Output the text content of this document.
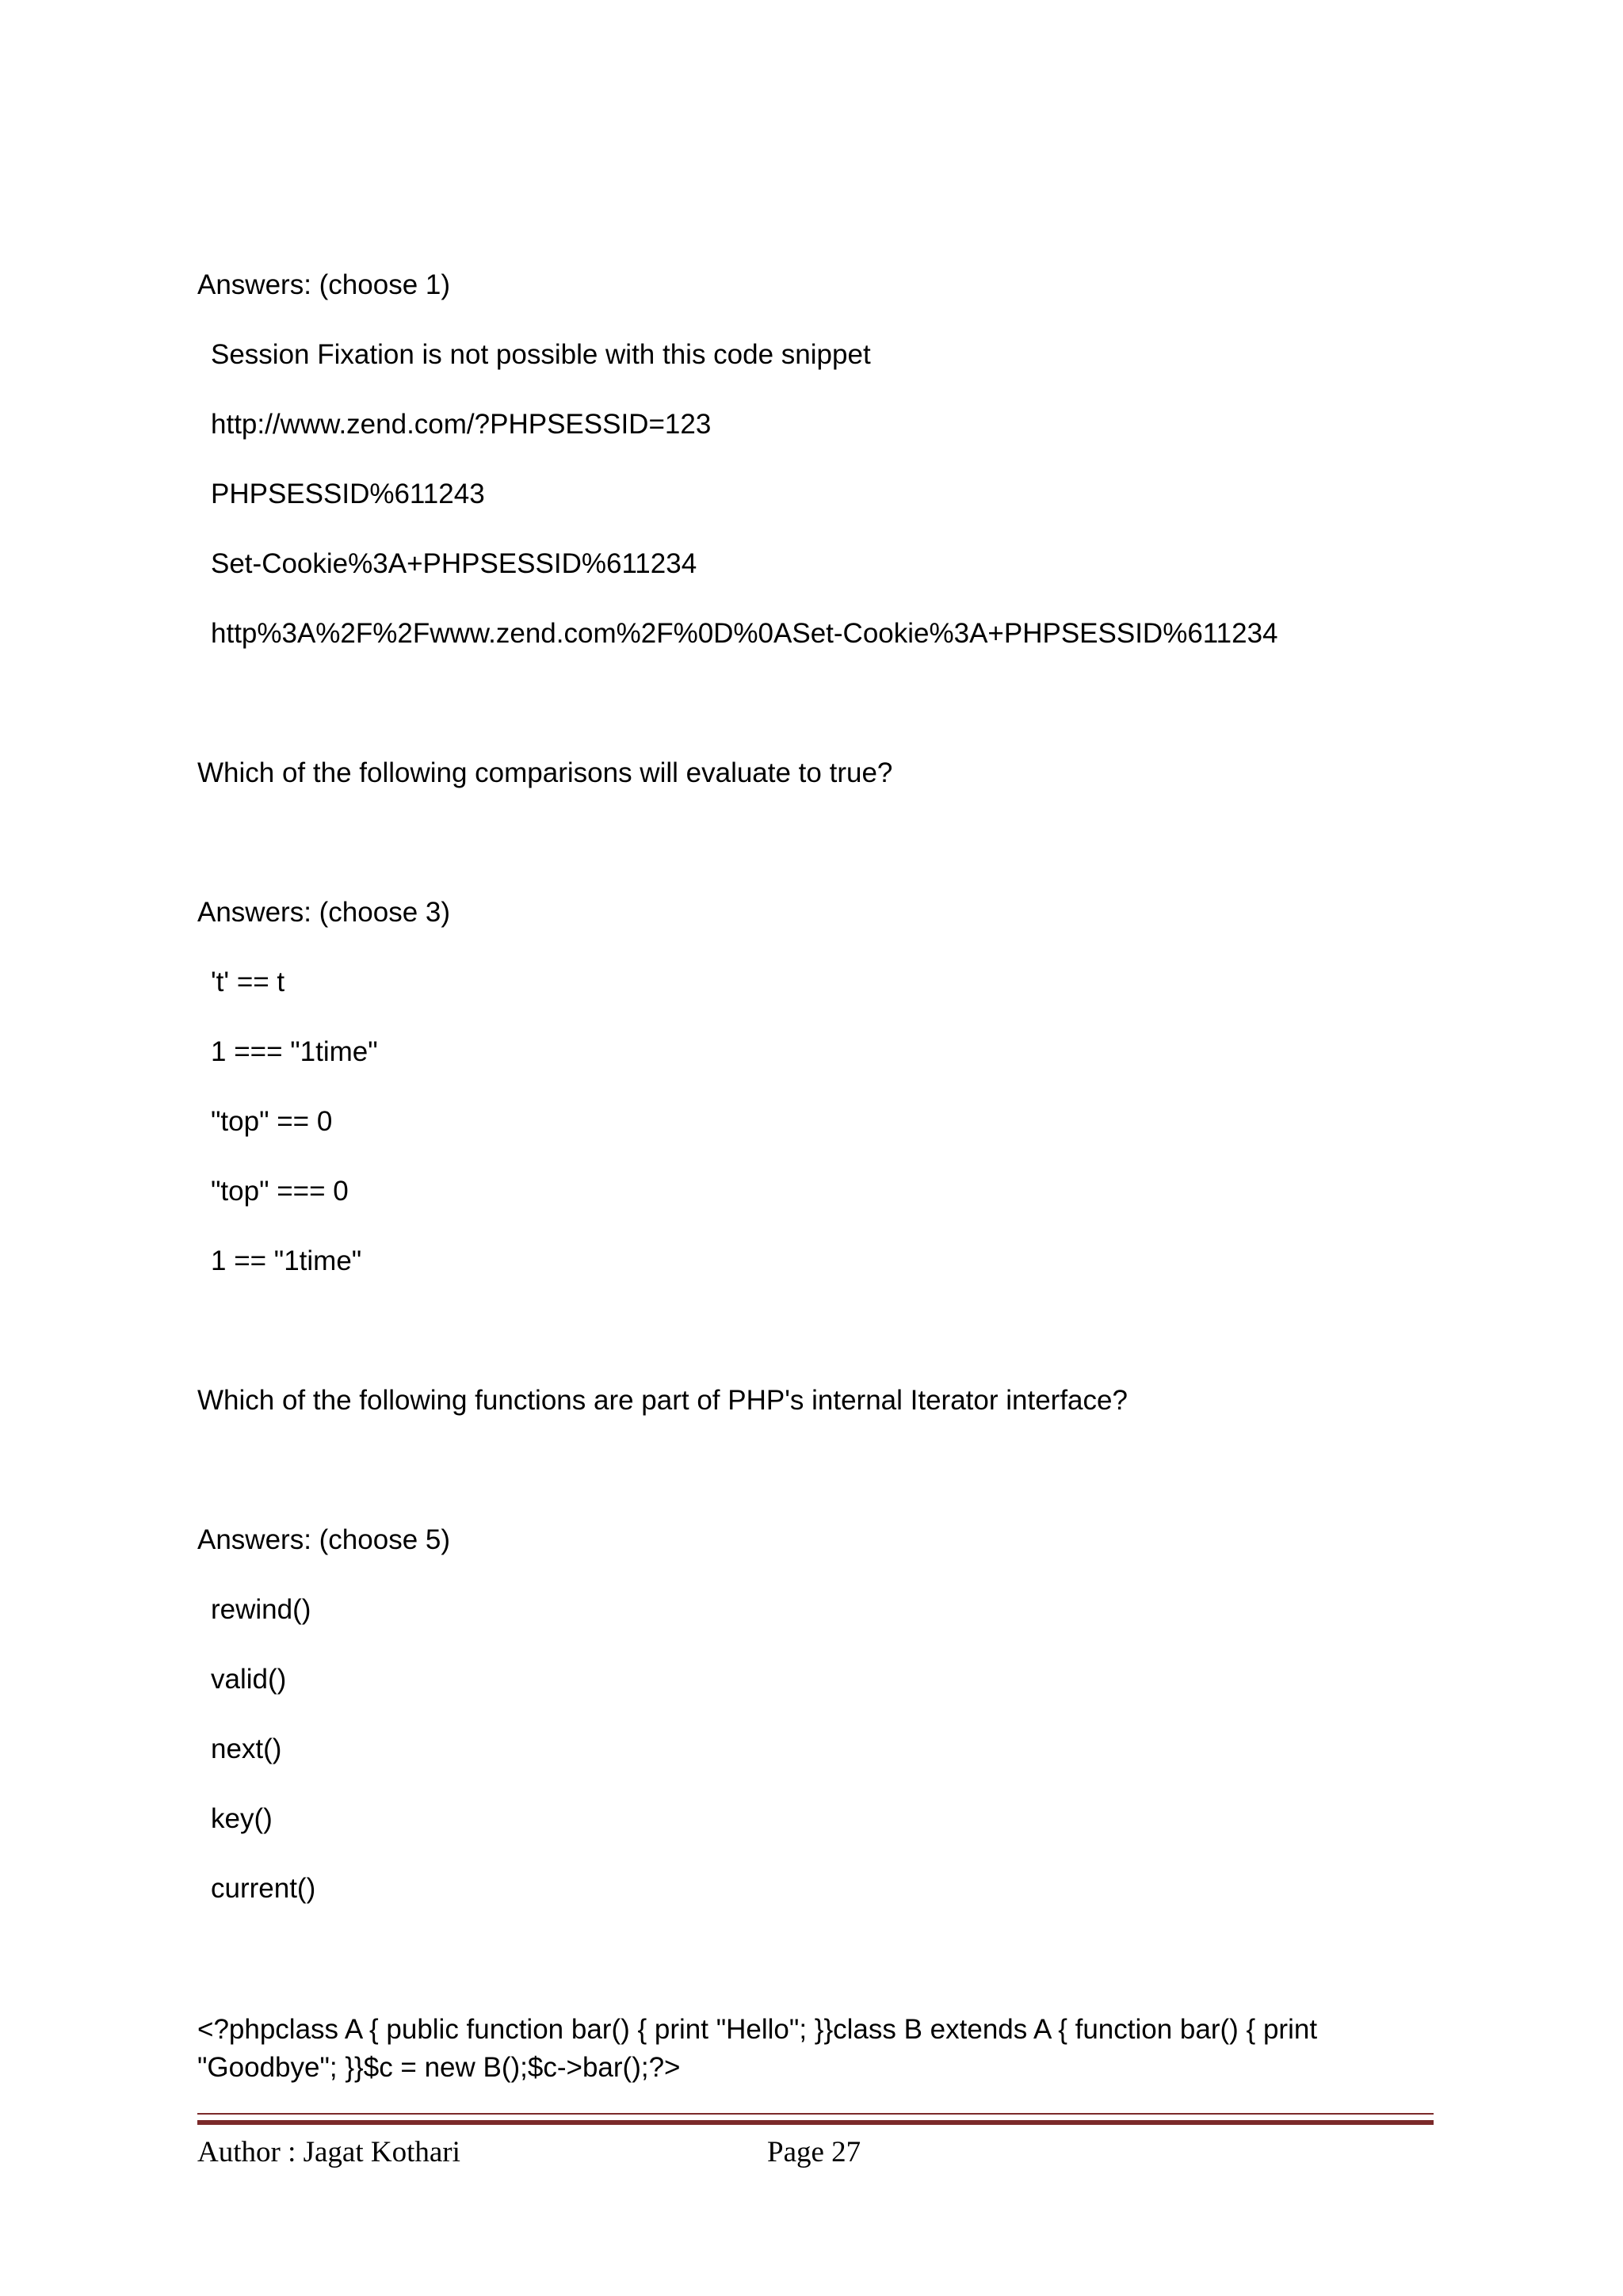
Answers: (choose 1)
Session Fixation is not possible with this code snippet
http://www.zend.com/?PHPSESSID=123
PHPSESSID%611243
Set-Cookie%3A+PHPSESSID%611234
http%3A%2F%2Fwww.zend.com%2F%0D%0ASet-Cookie%3A+PHPSESSID%611234
Which of the following comparisons will evaluate to true?
Answers: (choose 3)
't' == t
1 === "1time"
"top" == 0
"top" === 0
1 == "1time"
Which of the following functions are part of PHP's internal Iterator interface?
Answers: (choose 5)
rewind()
valid()
next()
key()
current()
<?phpclass A { public function bar() { print "Hello"; }}class B extends A { function bar() { print "Goodbye"; }}$c = new B();$c->bar();?>
Author : Jagat Kothari	Page 27
